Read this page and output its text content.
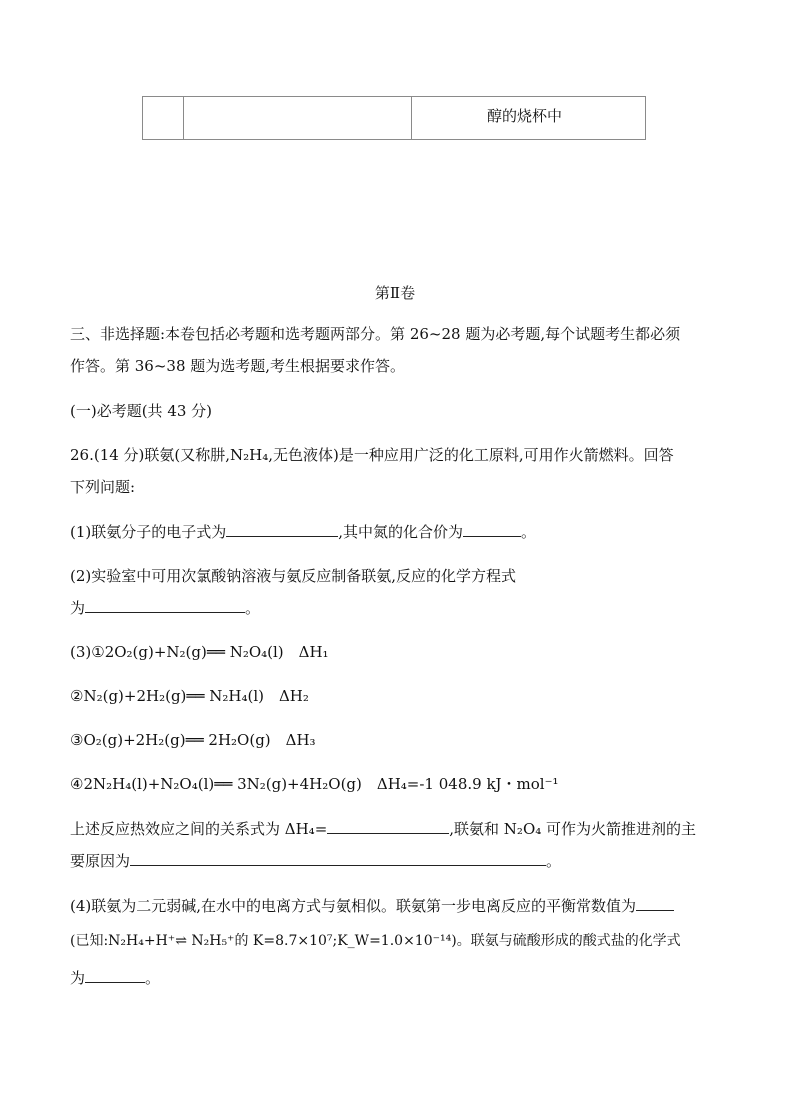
		醇的烧杯中
第Ⅱ卷
三、非选择题:本卷包括必考题和选考题两部分。第 26~28 题为必考题,每个试题考生都必须
作答。第 36~38 题为选考题,考生根据要求作答。
(一)必考题(共 43 分)
26.(14 分)联氨(又称肼,N₂H₄,无色液体)是一种应用广泛的化工原料,可用作火箭燃料。回答
下列问题:
(1)联氨分子的电子式为	,其中氮的化合价为	。
(2)实验室中可用次氯酸钠溶液与氨反应制备联氨,反应的化学方程式
为	。
(3)①2O₂(g)+N₂(g)══ N₂O₄(l)　ΔH₁
②N₂(g)+2H₂(g)══ N₂H₄(l)　ΔH₂
③O₂(g)+2H₂(g)══ 2H₂O(g)　ΔH₃
④2N₂H₄(l)+N₂O₄(l)══ 3N₂(g)+4H₂O(g)　ΔH₄=-1 048.9 kJ・mol⁻¹
上述反应热效应之间的关系式为 ΔH₄=	,联氨和 N₂O₄ 可作为火箭推进剂的主
要原因为	。
(4)联氨为二元弱碱,在水中的电离方式与氨相似。联氨第一步电离反应的平衡常数值为
(已知:N₂H₄+H⁺⇌ N₂H₅⁺的 K=8.7×10⁷;K_W=1.0×10⁻¹⁴)。联氨与硫酸形成的酸式盐的化学式
为	。
